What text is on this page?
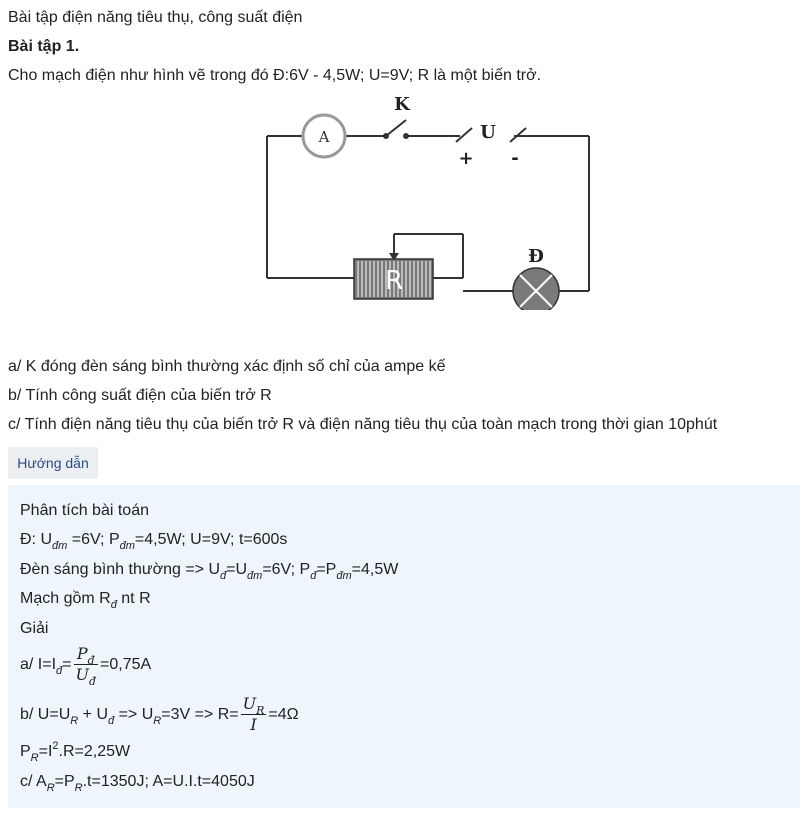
Bài tập điện năng tiêu thụ, công suất điện
Bài tập 1.
Cho mạch điện như hình vẽ trong đó Đ:6V - 4,5W; U=9V; R là một biến trở.
A
K
U
+ -
R
Đ
a/ K đóng đèn sáng bình thường xác định số chỉ của ampe kế
b/ Tính công suất điện của biến trở R
c/ Tính điện năng tiêu thụ của biến trở R và điện năng tiêu thụ của toàn mạch trong thời gian 10phút
Hướng dẫn
Phân tích bài toán
Đ: $U_{đm} =6V$; $P_{đm}=4,5W$; U=9V; t=600s
Đèn sáng bình thường => $U_đ=U_{đm}=6V$; $P_đ=P_{đm}=4,5W$
Mạch gồm $R_đ$ nt R
Giải
a/ $I=I_đ= \frac{P_đ}{U_đ} =0,75A$
b/ $U=U_R + U_đ => U_R=3V => R= \frac{U_R}{I} =4\Omega$
$P_R=I^2.R=2,25W$
c/ $A_R=P_R.t=1350J$; A=U.I.t=4050J
